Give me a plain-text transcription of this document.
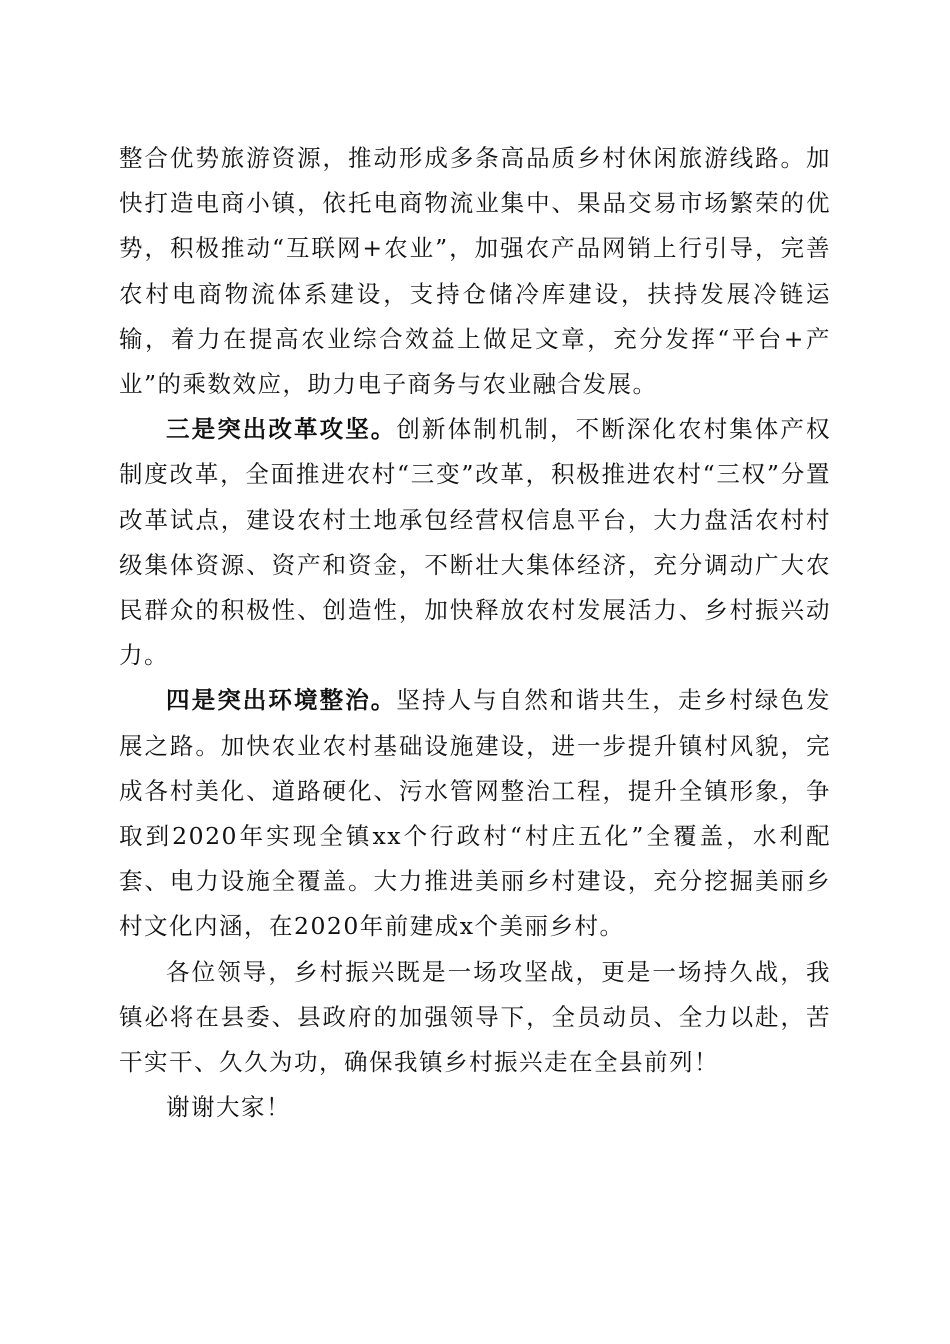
整合优势旅游资源，推动形成多条高品质乡村休闲旅游线路。加快打造电商小镇，依托电商物流业集中、果品交易市场繁荣的优势，积极推动“互联网+农业”，加强农产品网销上行引导，完善农村电商物流体系建设，支持仓储冷库建设，扶持发展冷链运输，着力在提高农业综合效益上做足文章，充分发挥“平台+产业”的乘数效应，助力电子商务与农业融合发展。

三是突出改革攻坚。创新体制机制，不断深化农村集体产权制度改革，全面推进农村“三变”改革，积极推进农村“三权”分置改革试点，建设农村土地承包经营权信息平台，大力盘活农村村级集体资源、资产和资金，不断壮大集体经济，充分调动广大农民群众的积极性、创造性，加快释放农村发展活力、乡村振兴动力。

四是突出环境整治。坚持人与自然和谐共生，走乡村绿色发展之路。加快农业农村基础设施建设，进一步提升镇村风貌，完成各村美化、道路硬化、污水管网整治工程，提升全镇形象，争取到2020年实现全镇xx个行政村“村庄五化”全覆盖，水利配套、电力设施全覆盖。大力推进美丽乡村建设，充分挖掘美丽乡村文化内涵，在2020年前建成x个美丽乡村。

各位领导，乡村振兴既是一场攻坚战，更是一场持久战，我镇必将在县委、县政府的加强领导下，全员动员、全力以赴，苦干实干、久久为功，确保我镇乡村振兴走在全县前列！

谢谢大家！
